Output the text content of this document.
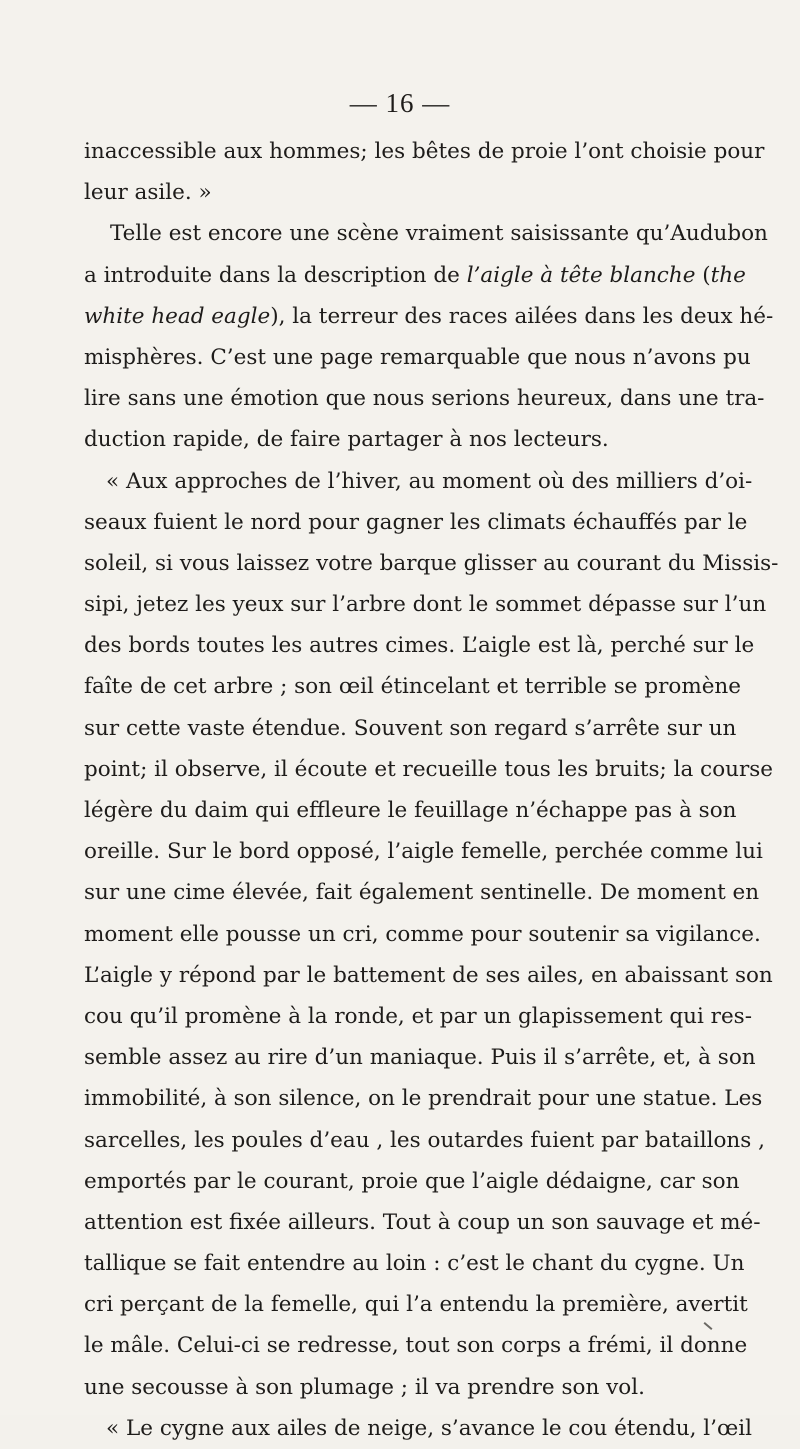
— 16 —
inaccessible aux hommes; les bêtes de proie l’ont choisie pour
leur asile. »
Telle est encore une scène vraiment saisissante qu’Audubon
a introduite dans la description de l’aigle à tête blanche (the
white head eagle), la terreur des races ailées dans les deux hé-
misphères. C’est une page remarquable que nous n’avons pu
lire sans une émotion que nous serions heureux, dans une tra-
duction rapide, de faire partager à nos lecteurs.
« Aux approches de l’hiver, au moment où des milliers d’oi-
seaux fuient le nord pour gagner les climats échauffés par le
soleil, si vous laissez votre barque glisser au courant du Missis-
sipi, jetez les yeux sur l’arbre dont le sommet dépasse sur l’un
des bords toutes les autres cimes. L’aigle est là, perché sur le
faîte de cet arbre ; son œil étincelant et terrible se promène
sur cette vaste étendue. Souvent son regard s’arrête sur un
point; il observe, il écoute et recueille tous les bruits; la course
légère du daim qui effleure le feuillage n’échappe pas à son
oreille. Sur le bord opposé, l’aigle femelle, perchée comme lui
sur une cime élevée, fait également sentinelle. De moment en
moment elle pousse un cri, comme pour soutenir sa vigilance.
L’aigle y répond par le battement de ses ailes, en abaissant son
cou qu’il promène à la ronde, et par un glapissement qui res-
semble assez au rire d’un maniaque. Puis il s’arrête, et, à son
immobilité, à son silence, on le prendrait pour une statue. Les
sarcelles, les poules d’eau , les outardes fuient par bataillons ,
emportés par le courant, proie que l’aigle dédaigne, car son
attention est fixée ailleurs. Tout à coup un son sauvage et mé-
tallique se fait entendre au loin : c’est le chant du cygne. Un
cri perçant de la femelle, qui l’a entendu la première, avertit
le mâle. Celui-ci se redresse, tout son corps a frémi, il donne
une secousse à son plumage ; il va prendre son vol.
« Le cygne aux ailes de neige, s’avance le cou étendu, l’œil
